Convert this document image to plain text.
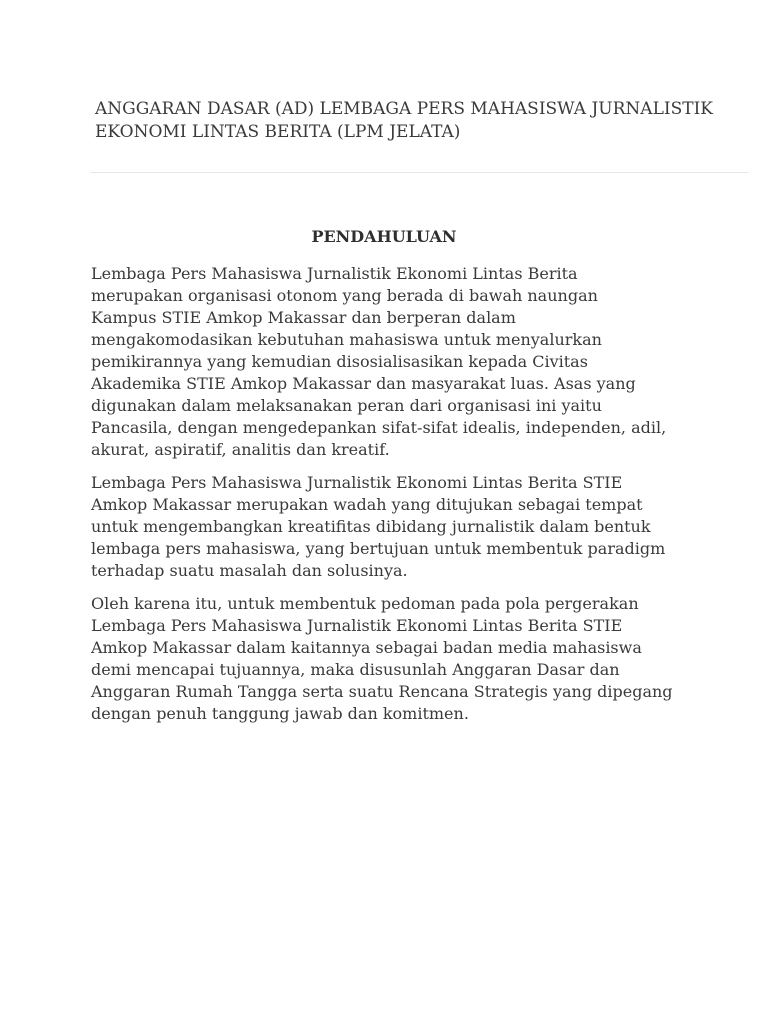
ANGGARAN DASAR (AD) LEMBAGA PERS MAHASISWA JURNALISTIK
EKONOMI LINTAS BERITA (LPM JELATA)
PENDAHULUAN

Lembaga Pers Mahasiswa Jurnalistik Ekonomi Lintas Berita
merupakan organisasi otonom yang berada di bawah naungan
Kampus STIE Amkop Makassar dan berperan dalam
mengakomodasikan kebutuhan mahasiswa untuk menyalurkan
pemikirannya yang kemudian disosialisasikan kepada Civitas
Akademika STIE Amkop Makassar dan masyarakat luas. Asas yang
digunakan dalam melaksanakan peran dari organisasi ini yaitu
Pancasila, dengan mengedepankan sifat-sifat idealis, independen, adil,
akurat, aspiratif, analitis dan kreatif.

Lembaga Pers Mahasiswa Jurnalistik Ekonomi Lintas Berita STIE
Amkop Makassar merupakan wadah yang ditujukan sebagai tempat
untuk mengembangkan kreatifitas dibidang jurnalistik dalam bentuk
lembaga pers mahasiswa, yang bertujuan untuk membentuk paradigm
terhadap suatu masalah dan solusinya.

Oleh karena itu, untuk membentuk pedoman pada pola pergerakan
Lembaga Pers Mahasiswa Jurnalistik Ekonomi Lintas Berita STIE
Amkop Makassar dalam kaitannya sebagai badan media mahasiswa
demi mencapai tujuannya, maka disusunlah Anggaran Dasar dan
Anggaran Rumah Tangga serta suatu Rencana Strategis yang dipegang
dengan penuh tanggung jawab dan komitmen.
